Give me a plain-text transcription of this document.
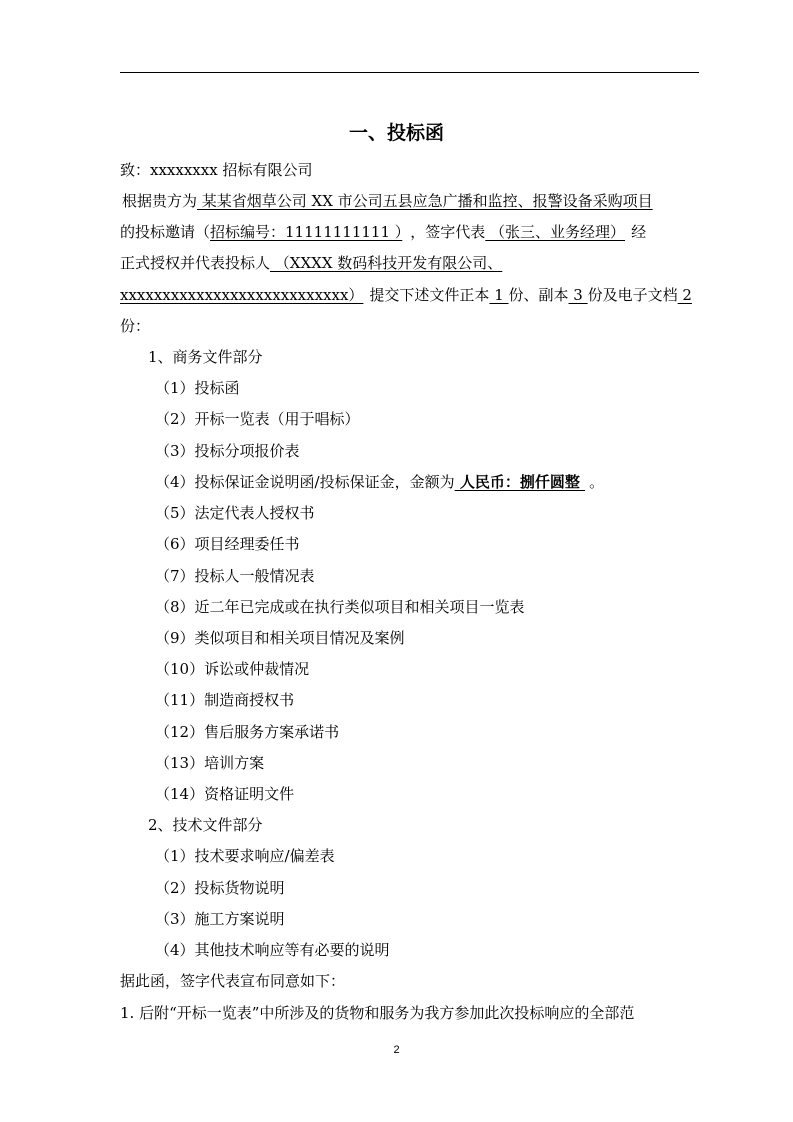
一、投标函
致：xxxxxxxx 招标有限公司
根据贵方为 某某省烟草公司 XX 市公司五县应急广播和监控、报警设备采购项目
的投标邀请（招标编号：11111111111 ） ，签字代表 （张三、业务经理） 经
正式授权并代表投标人 （XXXX 数码科技开发有限公司、
xxxxxxxxxxxxxxxxxxxxxxxxxxx） 提交下述文件正本 1 份、副本 3 份及电子文档 2
份：
1、商务文件部分
（1）投标函
（2）开标一览表（用于唱标）
（3）投标分项报价表
（4）投标保证金说明函/投标保证金，金额为 人民币：捌仟圆整 。
（5）法定代表人授权书
（6）项目经理委任书
（7）投标人一般情况表
（8）近二年已完成或在执行类似项目和相关项目一览表
（9）类似项目和相关项目情况及案例
（10）诉讼或仲裁情况
（11）制造商授权书
（12）售后服务方案承诺书
（13）培训方案
（14）资格证明文件
2、技术文件部分
（1）技术要求响应/偏差表
（2）投标货物说明
（3）施工方案说明
（4）其他技术响应等有必要的说明
据此函，签字代表宣布同意如下：
1. 后附“开标一览表”中所涉及的货物和服务为我方参加此次投标响应的全部范
2
